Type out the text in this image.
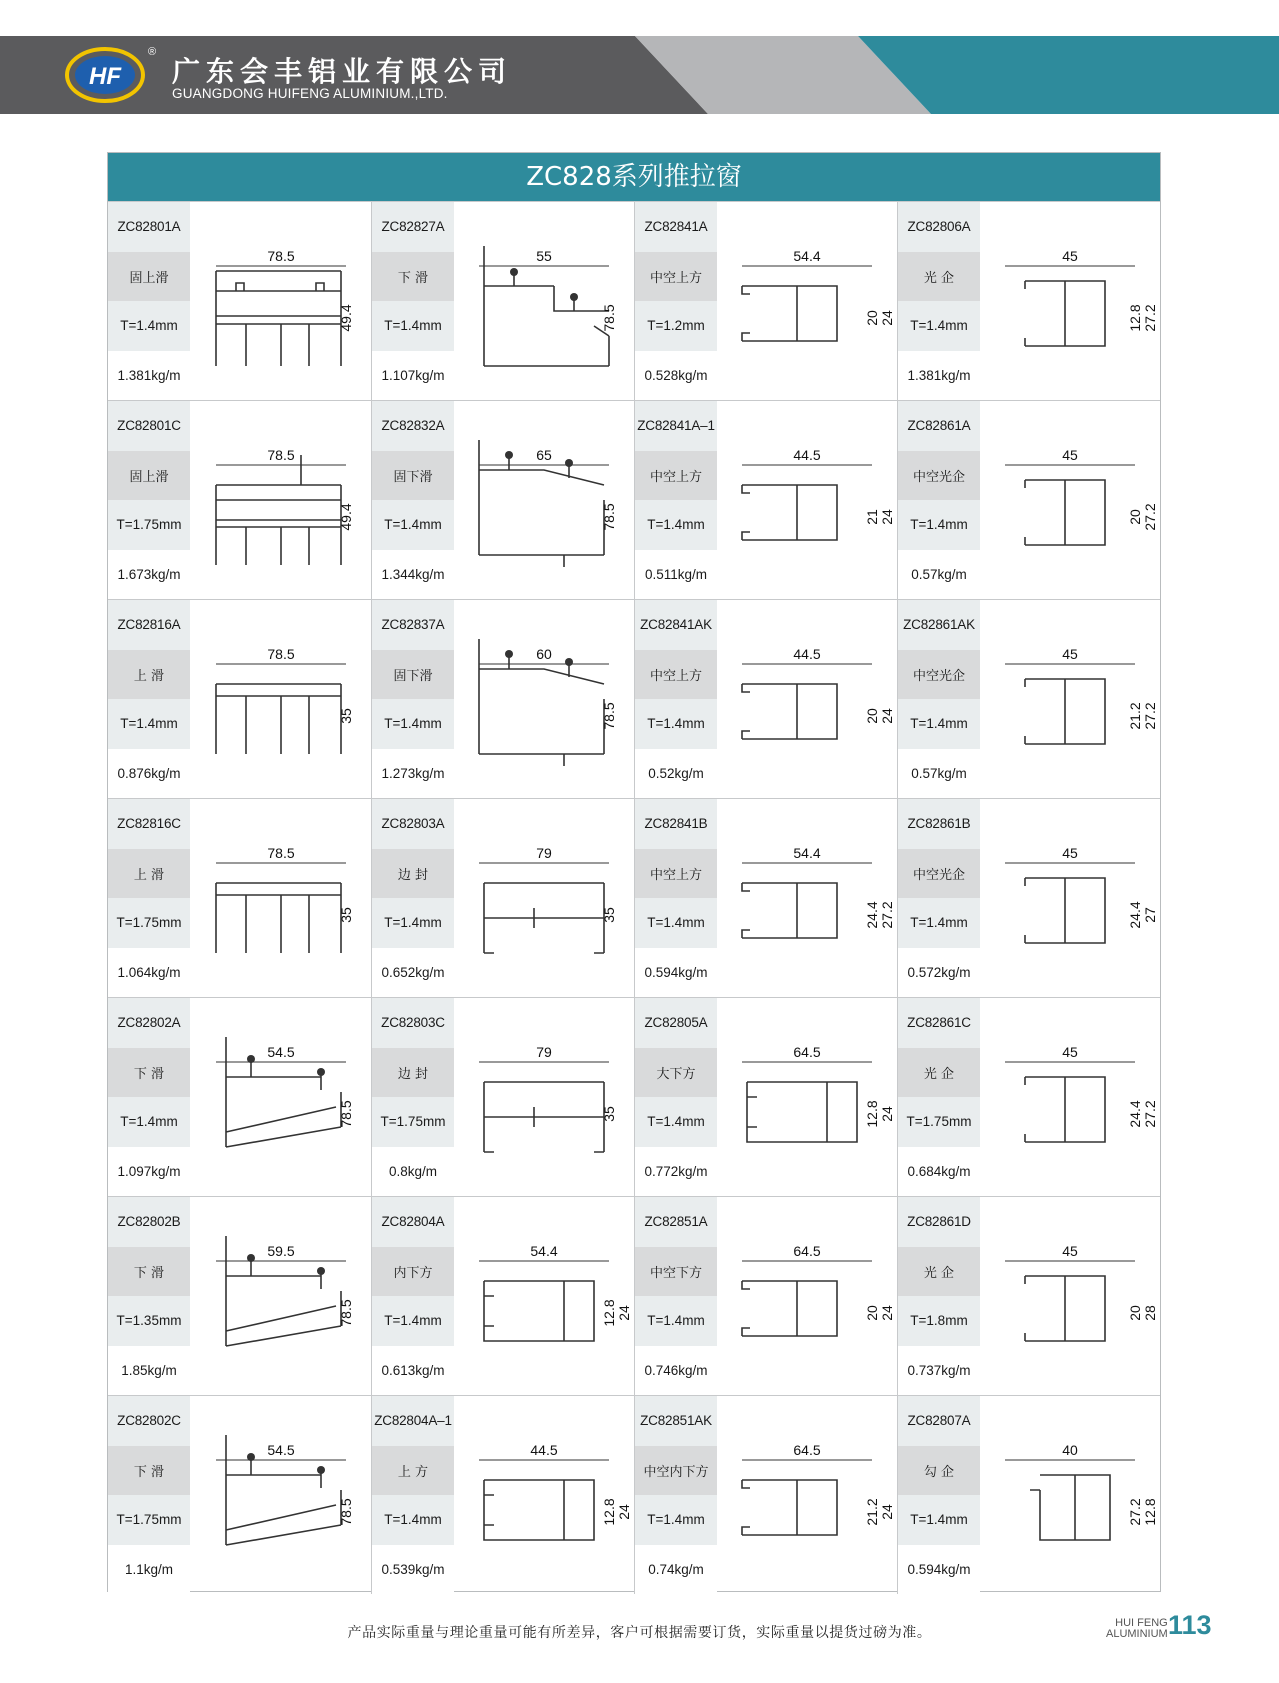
HF
®
广东会丰铝业有限公司
GUANGDONG HUIFENG ALUMINIUM.,LTD.
ZC828系列推拉窗
ZC82801A
固上滑
T=1.4mm
1.381kg/m
78.5
49.4
ZC82827A
下 滑
T=1.4mm
1.107kg/m
55
78.5
ZC82841A
中空上方
T=1.2mm
0.528kg/m
54.4
20 24
ZC82806A
光 企
T=1.4mm
1.381kg/m
45
12.8 27.2
ZC82801C
固上滑
T=1.75mm
1.673kg/m
78.5
49.4
ZC82832A
固下滑
T=1.4mm
1.344kg/m
65
78.5
ZC82841A–1
中空上方
T=1.4mm
0.511kg/m
44.5
21 24
ZC82861A
中空光企
T=1.4mm
0.57kg/m
45
20 27.2
ZC82816A
上 滑
T=1.4mm
0.876kg/m
78.5
35
ZC82837A
固下滑
T=1.4mm
1.273kg/m
60
78.5
ZC82841AK
中空上方
T=1.4mm
0.52kg/m
44.5
20 24
ZC82861AK
中空光企
T=1.4mm
0.57kg/m
45
21.2 27.2
ZC82816C
上 滑
T=1.75mm
1.064kg/m
78.5
35
ZC82803A
边 封
T=1.4mm
0.652kg/m
79
35
ZC82841B
中空上方
T=1.4mm
0.594kg/m
54.4
24.4 27.2
ZC82861B
中空光企
T=1.4mm
0.572kg/m
45
24.4 27
ZC82802A
下 滑
T=1.4mm
1.097kg/m
54.5
78.5
ZC82803C
边 封
T=1.75mm
0.8kg/m
79
35
ZC82805A
大下方
T=1.4mm
0.772kg/m
64.5
12.8 24
ZC82861C
光 企
T=1.75mm
0.684kg/m
45
24.4 27.2
ZC82802B
下 滑
T=1.35mm
1.85kg/m
59.5
78.5
ZC82804A
内下方
T=1.4mm
0.613kg/m
54.4
12.8 24
ZC82851A
中空下方
T=1.4mm
0.746kg/m
64.5
20 24
ZC82861D
光 企
T=1.8mm
0.737kg/m
45
20 28
ZC82802C
下 滑
T=1.75mm
1.1kg/m
54.5
78.5
ZC82804A–1
上 方
T=1.4mm
0.539kg/m
44.5
12.8 24
ZC82851AK
中空内下方
T=1.4mm
0.74kg/m
64.5
21.2 24
ZC82807A
勾 企
T=1.4mm
0.594kg/m
40
27.2 12.8
产品实际重量与理论重量可能有所差异，客户可根据需要订货，实际重量以提货过磅为准。
HUI FENG
ALUMINIUM 113
